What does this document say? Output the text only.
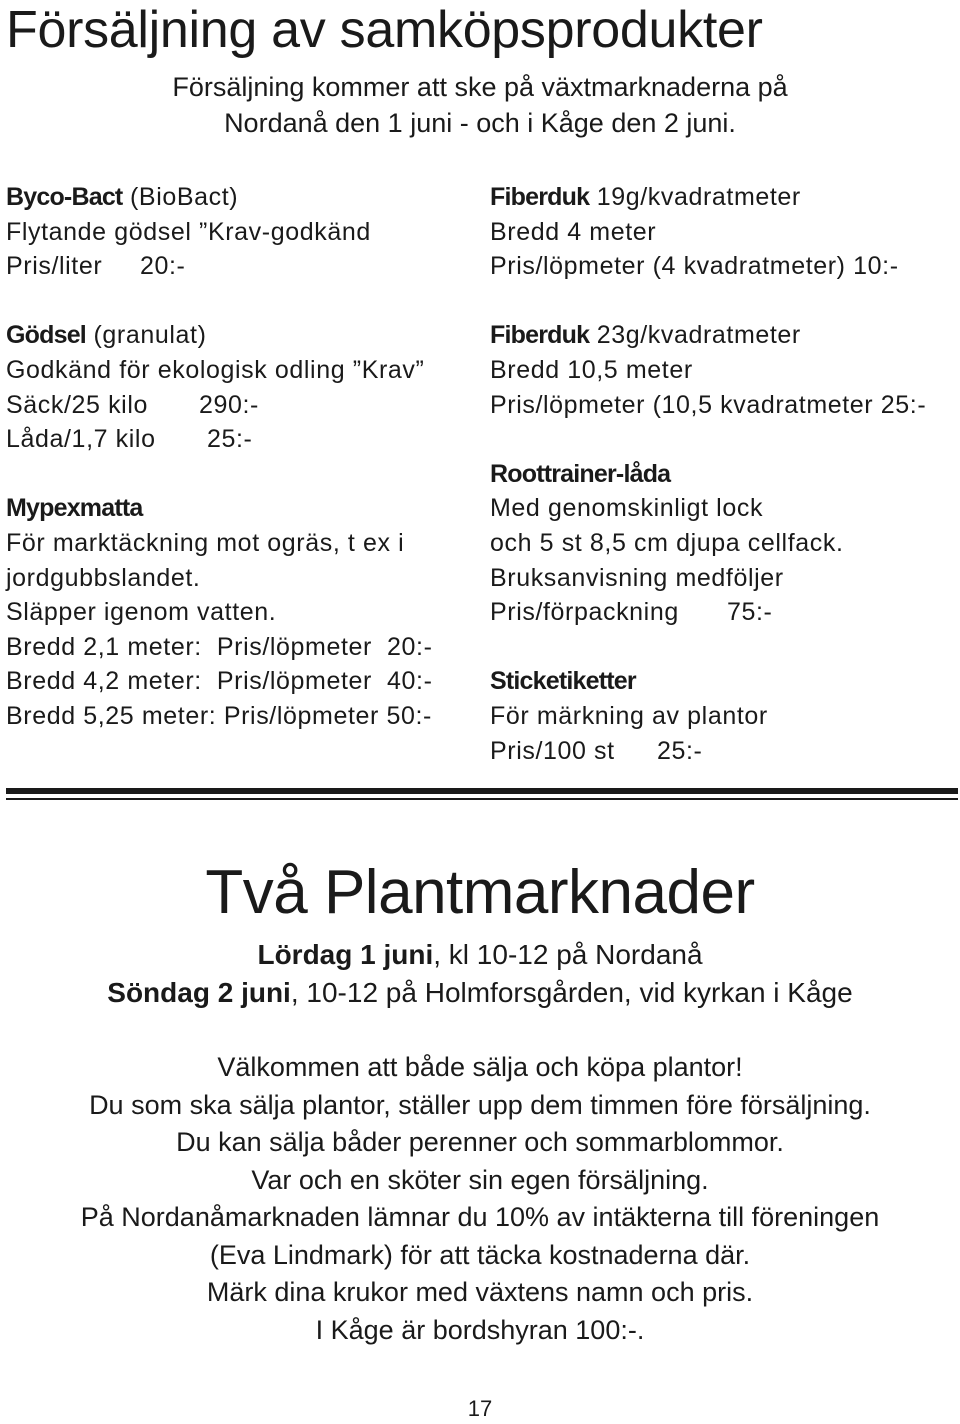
Försäljning av samköpsprodukter
Försäljning kommer att ske på växtmarknaderna på
Nordanå den 1 juni - och i Kåge den 2 juni.
Byco-Bact (BioBact)
Flytande gödsel ”Krav-godkänd
Pris/liter 20:-
Gödsel (granulat)
Godkänd för ekologisk odling ”Krav”
Säck/25 kilo 290:-
Låda/1,7 kilo 25:-
Mypexmatta
För marktäckning mot ogräs, t ex i
jordgubbslandet.
Släpper igenom vatten.
Bredd 2,1 meter:  Pris/löpmeter  20:-
Bredd 4,2 meter:  Pris/löpmeter  40:-
Bredd 5,25 meter: Pris/löpmeter 50:-
Fiberduk 19g/kvadratmeter
Bredd 4 meter
Pris/löpmeter (4 kvadratmeter) 10:-
Fiberduk 23g/kvadratmeter
Bredd 10,5 meter
Pris/löpmeter (10,5 kvadratmeter 25:-
Roottrainer-låda
Med genomskinligt lock
och 5 st 8,5 cm djupa cellfack.
Bruksanvisning medföljer
Pris/förpackning 75:-
Sticketiketter
För märkning av plantor
Pris/100 st 25:-
Två Plantmarknader
Lördag 1 juni, kl 10-12 på Nordanå
Söndag 2 juni, 10-12 på Holmforsgården, vid kyrkan i Kåge
Välkommen att både sälja och köpa plantor!
Du som ska sälja plantor, ställer upp dem timmen före försäljning.
Du kan sälja båder perenner och sommarblommor.
Var och en sköter sin egen försäljning.
På Nordanåmarknaden lämnar du 10% av intäkterna till föreningen
(Eva Lindmark) för att täcka kostnaderna där.
Märk dina krukor med växtens namn och pris.
I Kåge är bordshyran 100:-.
17
